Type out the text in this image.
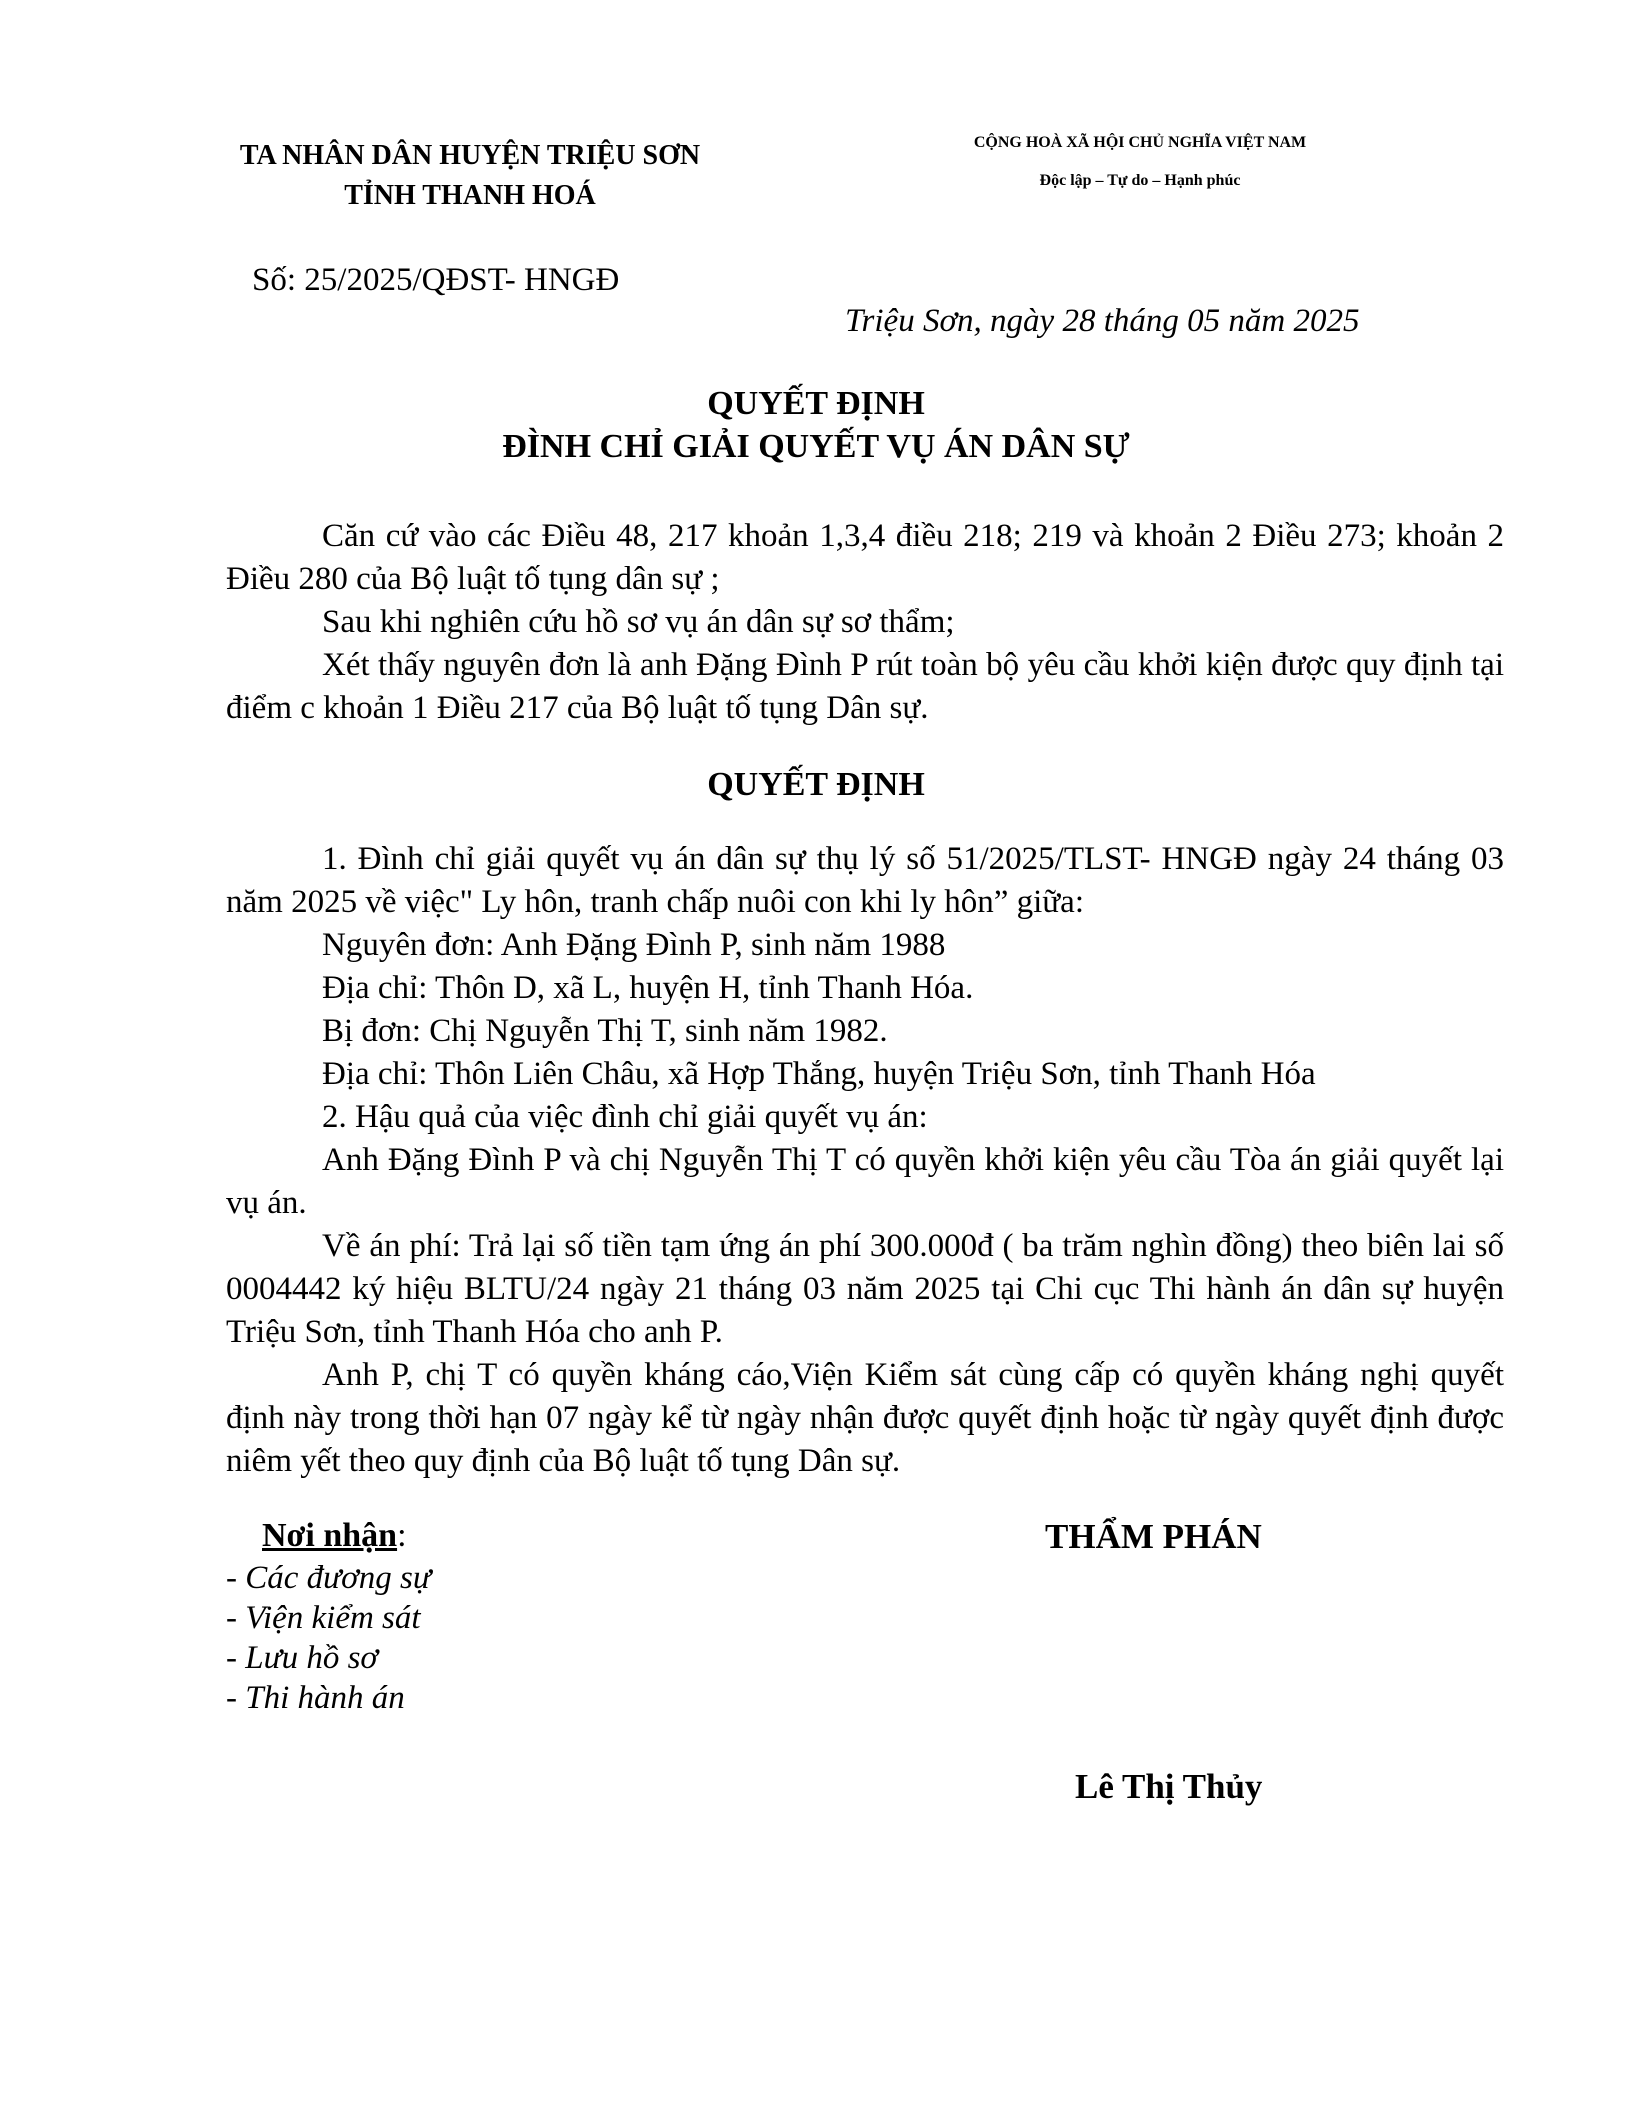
TA NHÂN DÂN HUYỆN TRIỆU SƠN
TỈNH THANH HOÁ
CỘNG HOÀ XÃ HỘI CHỦ NGHĨA VIỆT NAM
Độc lập – Tự do – Hạnh phúc
Số: 25/2025/QĐST- HNGĐ
Triệu Sơn, ngày 28 tháng 05 năm 2025
QUYẾT ĐỊNH
ĐÌNH CHỈ GIẢI QUYẾT VỤ ÁN DÂN SỰ

Căn cứ vào các Điều 48, 217 khoản 1,3,4 điều 218; 219 và khoản 2 Điều 273; khoản 2 Điều 280 của Bộ luật tố tụng dân sự ;

Sau khi nghiên cứu hồ sơ vụ án dân sự sơ thẩm;

Xét thấy nguyên đơn là anh Đặng Đình P rút toàn bộ yêu cầu khởi kiện được quy định tại điểm c khoản 1 Điều 217 của Bộ luật tố tụng Dân sự.

QUYẾT ĐỊNH

1. Đình chỉ giải quyết vụ án dân sự thụ lý số 51/2025/TLST- HNGĐ ngày 24 tháng 03 năm 2025 về việc" Ly hôn, tranh chấp nuôi con khi ly hôn” giữa:

Nguyên đơn: Anh Đặng Đình P, sinh năm 1988

Địa chỉ: Thôn D, xã L, huyện H, tỉnh Thanh Hóa.

Bị đơn: Chị Nguyễn Thị T, sinh năm 1982.

Địa chỉ: Thôn Liên Châu, xã Hợp Thắng, huyện Triệu Sơn, tỉnh Thanh Hóa

2. Hậu quả của việc đình chỉ giải quyết vụ án:

Anh Đặng Đình P và chị Nguyễn Thị T có quyền khởi kiện yêu cầu Tòa án giải quyết lại vụ án.

Về án phí: Trả lại số tiền tạm ứng án phí 300.000đ ( ba trăm nghìn đồng) theo biên lai số 0004442 ký hiệu BLTU/24 ngày 21 tháng 03 năm 2025 tại Chi cục Thi hành án dân sự huyện Triệu Sơn, tỉnh Thanh Hóa cho anh P.

Anh P, chị T có quyền kháng cáo,Viện Kiểm sát cùng cấp có quyền kháng nghị quyết định này trong thời hạn 07 ngày kể từ ngày nhận được quyết định hoặc từ ngày quyết định được niêm yết theo quy định của Bộ luật tố tụng Dân sự.

Nơi nhận:
- Các đương sự
- Viện kiểm sát
- Lưu hồ sơ
- Thi hành án
THẨM PHÁN
Lê Thị Thủy
